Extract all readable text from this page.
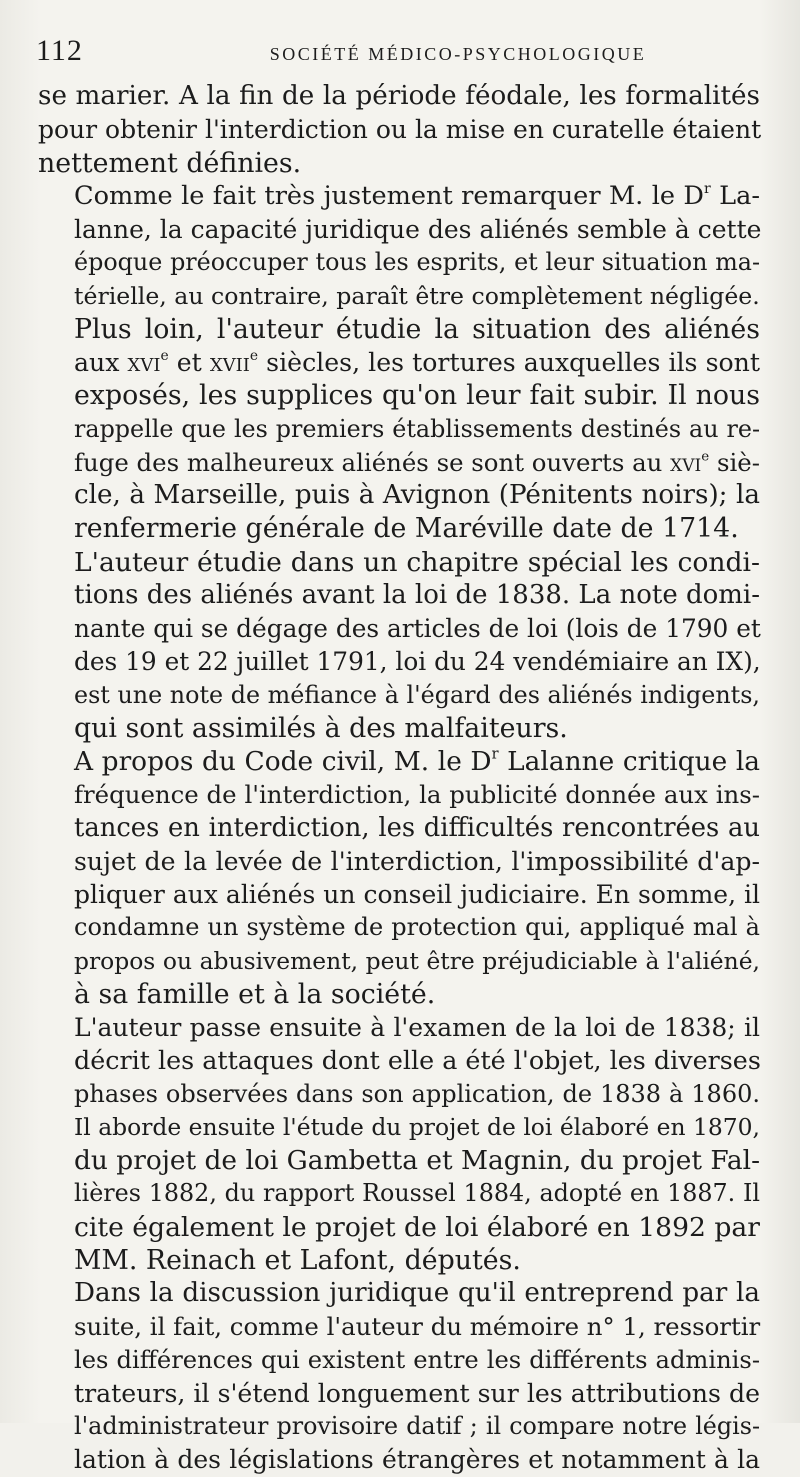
112	SOCIÉTÉ MÉDICO-PSYCHOLOGIQUE

se marier. A la fin de la période féodale, les formalités
pour obtenir l'interdiction ou la mise en curatelle étaient
nettement définies.

Comme le fait très justement remarquer M. le $D^r$ La-
lanne, la capacité juridique des aliénés semble à cette
époque préoccuper tous les esprits, et leur situation ma-
térielle, au contraire, paraît être complètement négligée.

Plus loin, l'auteur étudie la situation des aliénés
aux xvi$^e$ et xvii$^e$ siècles, les tortures auxquelles ils sont
exposés, les supplices qu'on leur fait subir. Il nous
rappelle que les premiers établissements destinés au re-
fuge des malheureux aliénés se sont ouverts au xvi$^e$ siè-
cle, à Marseille, puis à Avignon (Pénitents noirs); la
renfermerie générale de Maréville date de 1714.

L'auteur étudie dans un chapitre spécial les condi-
tions des aliénés avant la loi de 1838. La note domi-
nante qui se dégage des articles de loi (lois de 1790 et
des 19 et 22 juillet 1791, loi du 24 vendémiaire an IX),
est une note de méfiance à l'égard des aliénés indigents,
qui sont assimilés à des malfaiteurs.

A propos du Code civil, M. le $D^r$ Lalanne critique la
fréquence de l'interdiction, la publicité donnée aux ins-
tances en interdiction, les difficultés rencontrées au
sujet de la levée de l'interdiction, l'impossibilité d'ap-
pliquer aux aliénés un conseil judiciaire. En somme, il
condamne un système de protection qui, appliqué mal à
propos ou abusivement, peut être préjudiciable à l'aliéné,
à sa famille et à la société.

L'auteur passe ensuite à l'examen de la loi de 1838; il
décrit les attaques dont elle a été l'objet, les diverses
phases observées dans son application, de 1838 à 1860.
Il aborde ensuite l'étude du projet de loi élaboré en 1870,
du projet de loi Gambetta et Magnin, du projet Fal-
lières 1882, du rapport Roussel 1884, adopté en 1887. Il
cite également le projet de loi élaboré en 1892 par
MM. Reinach et Lafont, députés.

Dans la discussion juridique qu'il entreprend par la
suite, il fait, comme l'auteur du mémoire n° 1, ressortir
les différences qui existent entre les différents adminis-
trateurs, il s'étend longuement sur les attributions de
l'administrateur provisoire datif ; il compare notre légis-
lation à des législations étrangères et notamment à la
